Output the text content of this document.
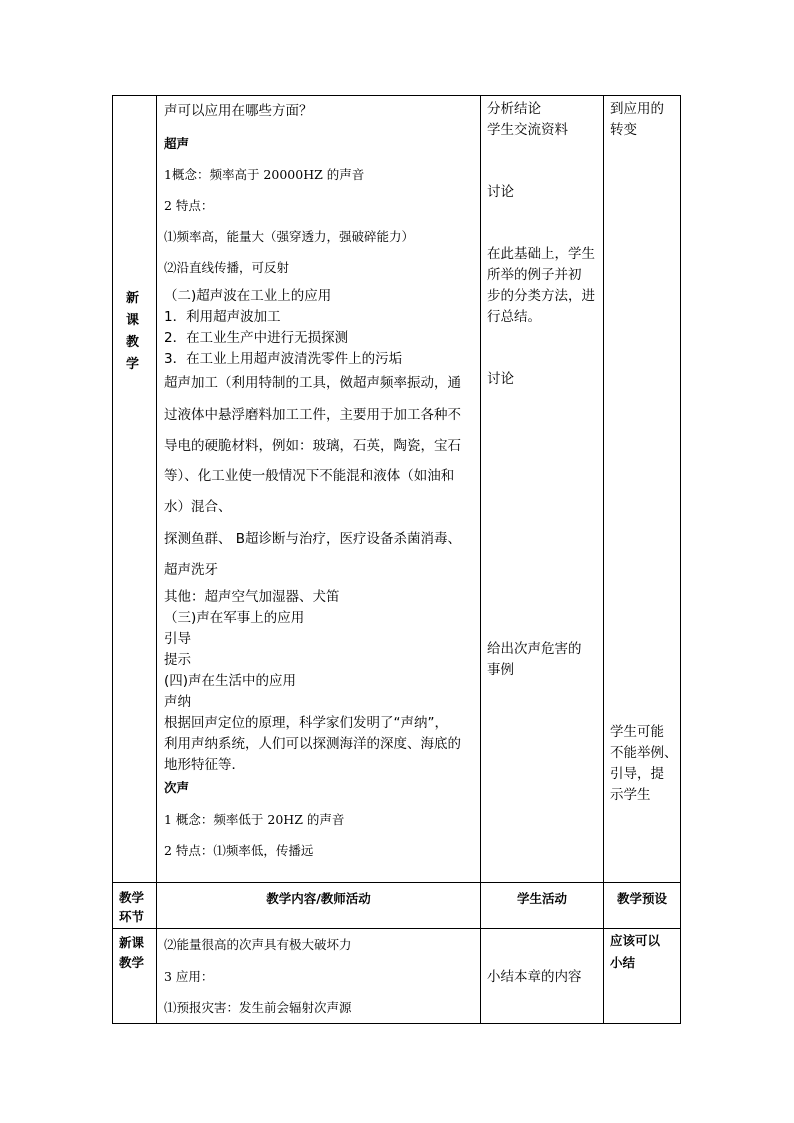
新课教学
声可以应用在哪些方面？
超声
1概念：频率高于 20000HZ 的声音
2 特点：
⑴频率高，能量大（强穿透力，强破碎能力）
⑵沿直线传播，可反射
（二)超声波在工业上的应用
1．利用超声波加工
2．在工业生产中进行无损探测
3．在工业上用超声波清洗零件上的污垢
超声加工（利用特制的工具，傚超声频率振动，通
过液体中悬浮磨料加工工件，主要用于加工各种不
导电的硬脆材料，例如：玻璃，石英，陶瓷，宝石
等）、化工业使一般情况下不能混和液体（如油和
水）混合、
探测鱼群、 B超诊断与治疗，医疗设备杀菌消毒、
超声洗牙
其他：超声空气加湿器、犬笛
（三)声在军事上的应用
引导
提示
(四)声在生活中的应用
声纳
根据回声定位的原理，科学家们发明了“声纳”，
利用声纳系统，人们可以探测海洋的深度、海底的
地形特征等．
次声
1 概念：频率低于 20HZ 的声音
2 特点：⑴频率低，传播远
分析结论
学生交流资料
讨论
在此基础上，学生
所举的例子并初
步的分类方法，进
行总结。
讨论
给出次声危害的
事例
到应用的
转变
学生可能
不能举例、
引导，提
示学生
教学
环节
教学内容/教师活动	学生活动	教学预设
新课
教学
⑵能量很高的次声具有极大破坏力
3 应用：
⑴预报灾害：发生前会辐射次声源
小结本章的内容
应该可以
小结
